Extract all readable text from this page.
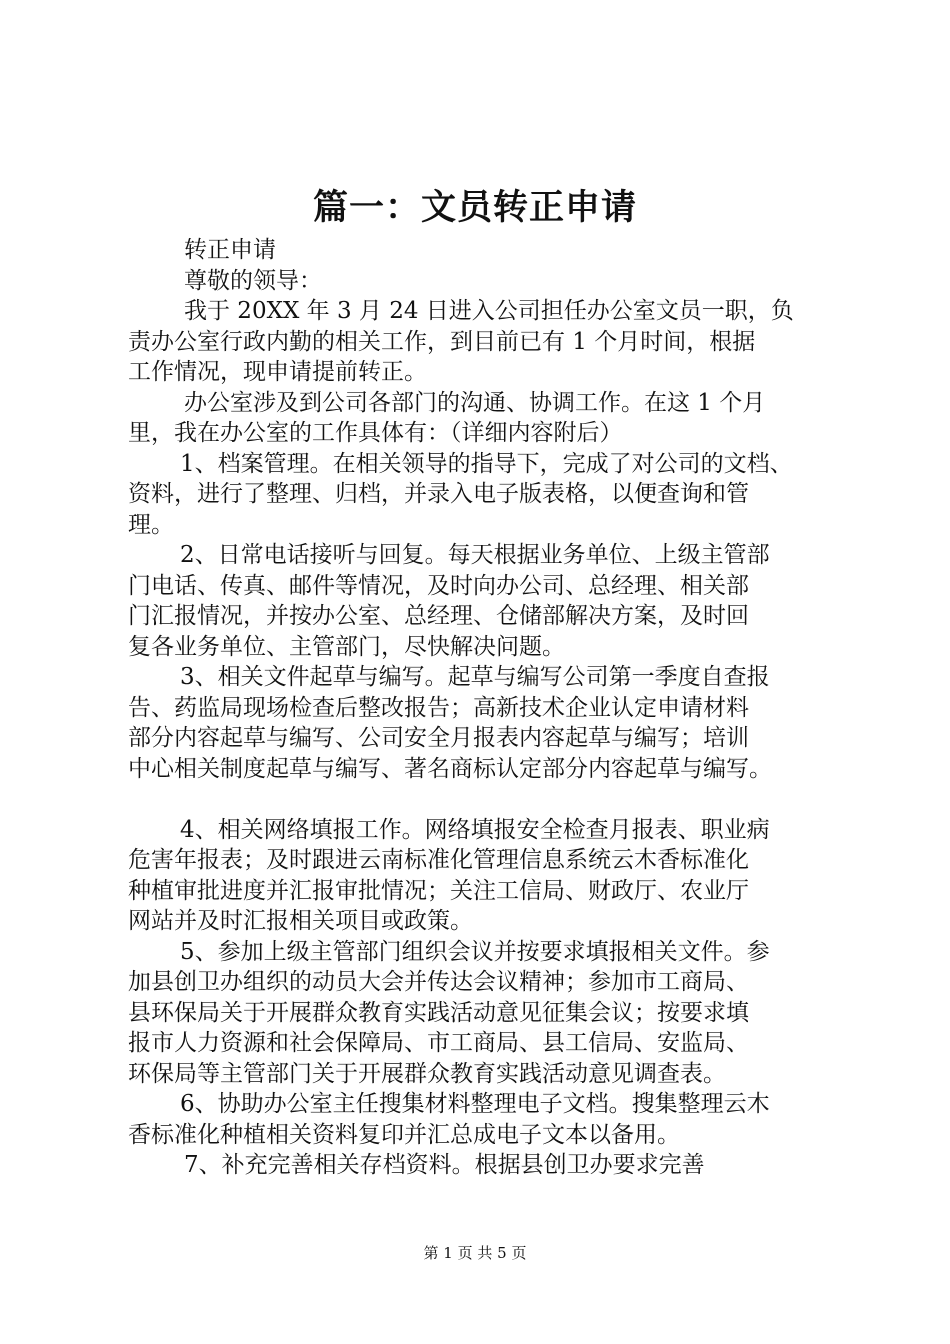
篇一：文员转正申请
转正申请
尊敬的领导：
我于 20XX 年 3 月 24 日进入公司担任办公室文员一职，负
责办公室行政内勤的相关工作，到目前已有 1 个月时间，根据
工作情况，现申请提前转正。
办公室涉及到公司各部门的沟通、协调工作。在这 1 个月
里，我在办公室的工作具体有：（详细内容附后）
1、档案管理。在相关领导的指导下，完成了对公司的文档、
资料，进行了整理、归档，并录入电子版表格，以便查询和管
理。
2、日常电话接听与回复。每天根据业务单位、上级主管部
门电话、传真、邮件等情况，及时向办公司、总经理、相关部
门汇报情况，并按办公室、总经理、仓储部解决方案，及时回
复各业务单位、主管部门，尽快解决问题。
3、相关文件起草与编写。起草与编写公司第一季度自查报
告、药监局现场检查后整改报告；高新技术企业认定申请材料
部分内容起草与编写、公司安全月报表内容起草与编写；培训
中心相关制度起草与编写、著名商标认定部分内容起草与编写。
4、相关网络填报工作。网络填报安全检查月报表、职业病
危害年报表；及时跟进云南标准化管理信息系统云木香标准化
种植审批进度并汇报审批情况；关注工信局、财政厅、农业厅
网站并及时汇报相关项目或政策。
5、参加上级主管部门组织会议并按要求填报相关文件。参
加县创卫办组织的动员大会并传达会议精神；参加市工商局、
县环保局关于开展群众教育实践活动意见征集会议；按要求填
报市人力资源和社会保障局、市工商局、县工信局、安监局、
环保局等主管部门关于开展群众教育实践活动意见调查表。
6、协助办公室主任搜集材料整理电子文档。搜集整理云木
香标准化种植相关资料复印并汇总成电子文本以备用。
7、补充完善相关存档资料。根据县创卫办要求完善
第 1 页 共 5 页
